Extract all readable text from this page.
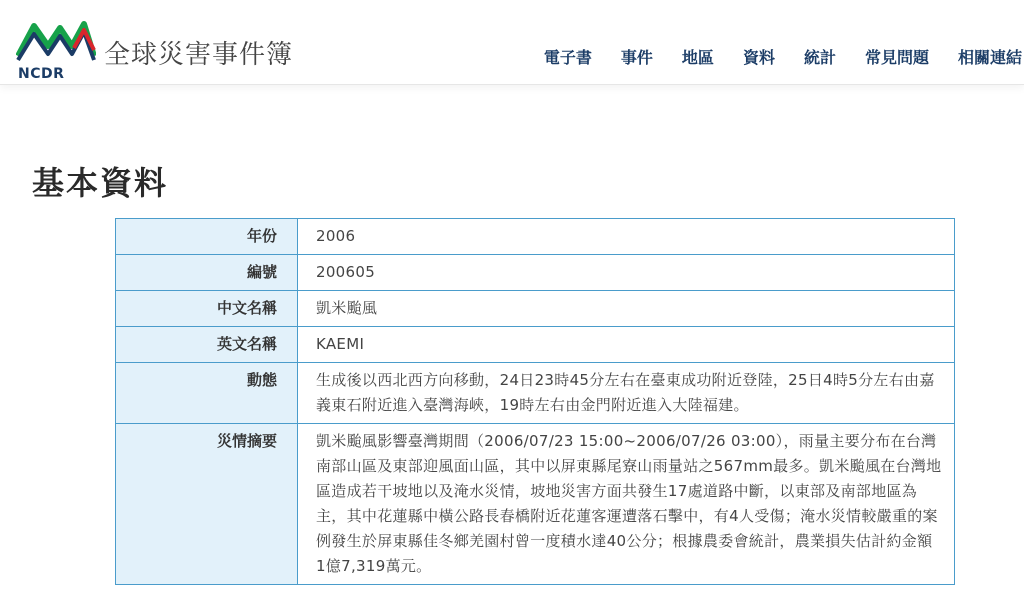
NCDR
全球災害事件簿	電子書 事件 地區 資料 統計 常見問題 相關連結
基本資料
年份	2006
編號	200605
中文名稱	凱米颱風
英文名稱	KAEMI
動態	生成後以西北西方向移動，24日23時45分左右在臺東成功附近登陸，25日4時5分左右由嘉義東石附近進入臺灣海峽，19時左右由金門附近進入大陸福建。
災情摘要	凱米颱風影響臺灣期間（2006/07/23 15:00~2006/07/26 03:00），雨量主要分布在台灣南部山區及東部迎風面山區，其中以屏東縣尾寮山雨量站之567mm最多。凱米颱風在台灣地區造成若干坡地以及淹水災情，坡地災害方面共發生17處道路中斷，以東部及南部地區為主，其中花蓮縣中橫公路長春橋附近花蓮客運遭落石擊中，有4人受傷；淹水災情較嚴重的案例發生於屏東縣佳冬鄉羌園村曾一度積水達40公分；根據農委會統計，農業損失估計約金額1億7,319萬元。
